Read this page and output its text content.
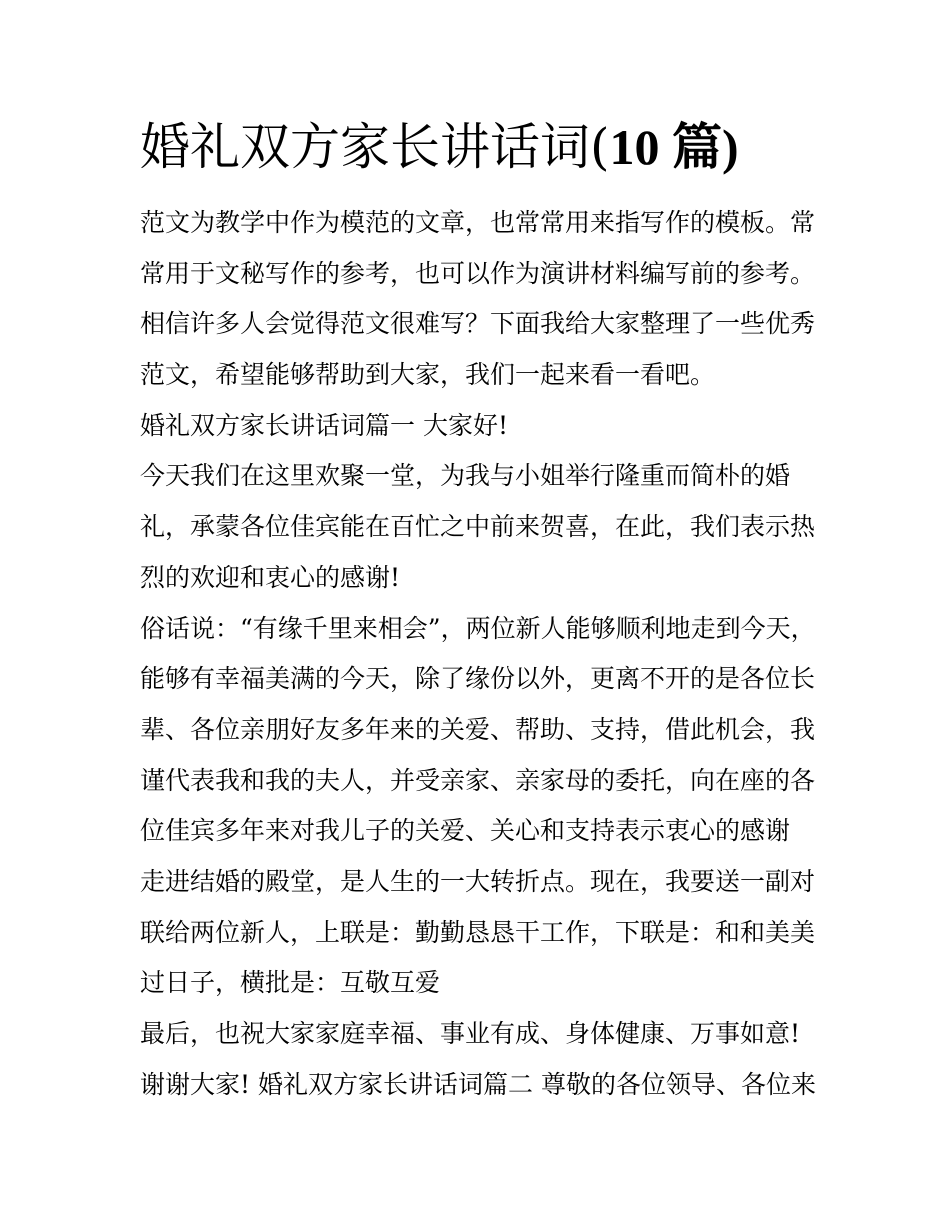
婚礼双方家长讲话词(10 篇)
范文为教学中作为模范的文章，也常常用来指写作的模板。常
常用于文秘写作的参考，也可以作为演讲材料编写前的参考。
相信许多人会觉得范文很难写？下面我给大家整理了一些优秀
范文，希望能够帮助到大家，我们一起来看一看吧。
婚礼双方家长讲话词篇一 大家好!
今天我们在这里欢聚一堂，为我与小姐举行隆重而简朴的婚
礼，承蒙各位佳宾能在百忙之中前来贺喜，在此，我们表示热
烈的欢迎和衷心的感谢!
俗话说：“有缘千里来相会”，两位新人能够顺利地走到今天，
能够有幸福美满的今天，除了缘份以外，更离不开的是各位长
辈、各位亲朋好友多年来的关爱、帮助、支持，借此机会，我
谨代表我和我的夫人，并受亲家、亲家母的委托，向在座的各
位佳宾多年来对我儿子的关爱、关心和支持表示衷心的感谢
走进结婚的殿堂，是人生的一大转折点。现在，我要送一副对
联给两位新人，上联是：勤勤恳恳干工作，下联是：和和美美
过日子，横批是：互敬互爱
最后，也祝大家家庭幸福、事业有成、身体健康、万事如意!
谢谢大家! 婚礼双方家长讲话词篇二 尊敬的各位领导、各位来
